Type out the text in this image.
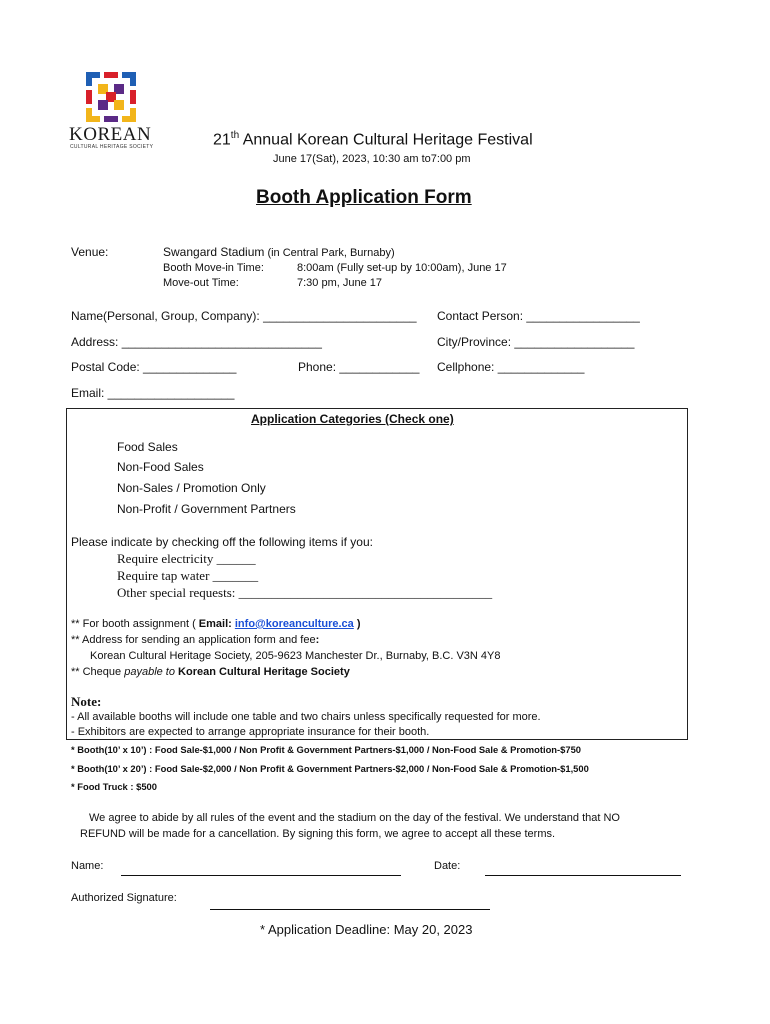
KOREAN
CULTURAL HERITAGE SOCIETY	21th Annual Korean Cultural Heritage Festival
June 17(Sat), 2023, 10:30 am to7:00 pm
Booth Application Form
Venue:	Swangard Stadium (in Central Park, Burnaby)
Booth Move-in Time:	8:00am (Fully set-up by 10:00am), June 17
Move-out Time:	7:30 pm, June 17
Name(Personal, Group, Company): _______________________ Contact Person: _________________
Address: ______________________________	City/Province: __________________
Postal Code: ______________	Phone: ____________ Cellphone: _____________
Email: ___________________
Application Categories (Check one)
Food Sales
Non-Food Sales
Non-Sales / Promotion Only
Non-Profit / Government Partners
Please indicate by checking off the following items if you:
Require electricity ______
Require tap water _______
Other special requests: _______________________________________
** For booth assignment ( Email: info@koreanculture.ca )
** Address for sending an application form and fee:
Korean Cultural Heritage Society, 205-9623 Manchester Dr., Burnaby, B.C. V3N 4Y8
** Cheque payable to Korean Cultural Heritage Society
Note:
- All available booths will include one table and two chairs unless specifically requested for more.
- Exhibitors are expected to arrange appropriate insurance for their booth.
* Booth(10’ x 10’) : Food Sale-$1,000 / Non Profit & Government Partners-$1,000 / Non-Food Sale & Promotion-$750
* Booth(10’ x 20’) : Food Sale-$2,000 / Non Profit & Government Partners-$2,000 / Non-Food Sale & Promotion-$1,500
* Food Truck : $500
We agree to abide by all rules of the event and the stadium on the day of the festival. We understand that NO
REFUND will be made for a cancellation. By signing this form, we agree to accept all these terms.
Name:	Date:
Authorized Signature:
* Application Deadline: May 20, 2023
